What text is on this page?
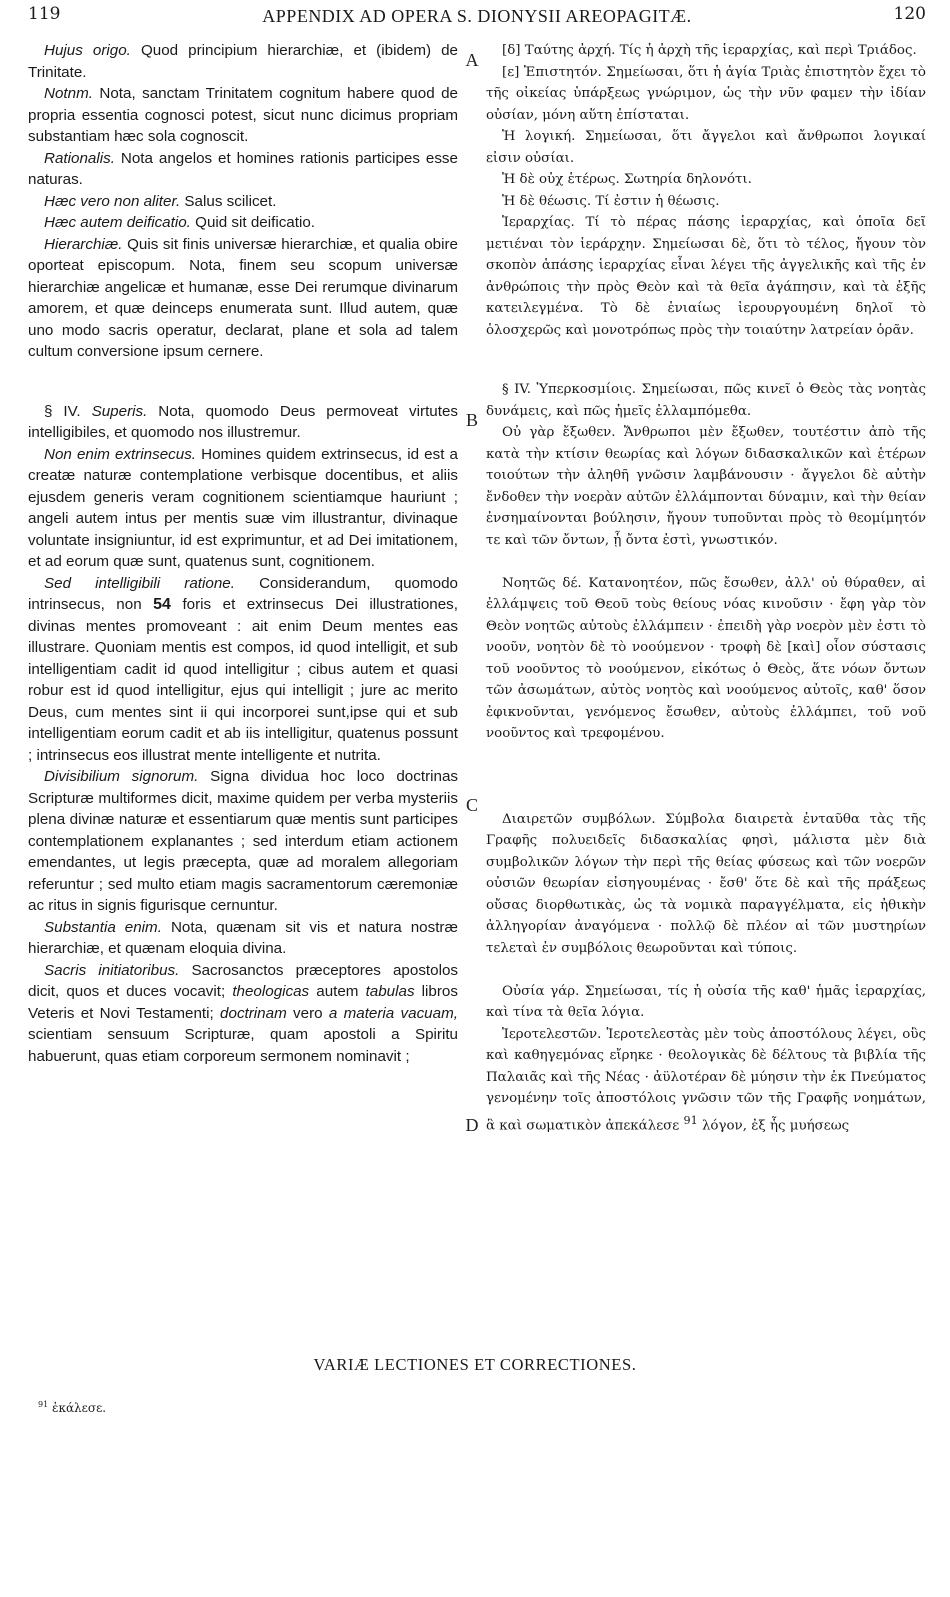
119	APPENDIX AD OPERA S. DIONYSII AREOPAGITÆ.	120
A
B
C
D

Hujus origo. Quod principium hierarchiæ, et (ibidem) de Trinitate.

Notnm. Nota, sanctam Trinitatem cognitum habere quod de propria essentia cognosci potest, sicut nunc dicimus propriam substantiam hæc sola cognoscit.

Rationalis. Nota angelos et homines rationis participes esse naturas.

Hæc vero non aliter. Salus scilicet.

Hæc autem deificatio. Quid sit deificatio.

Hierarchiæ. Quis sit finis universæ hierarchiæ, et qualia obire oporteat episcopum. Nota, finem seu scopum universæ hierarchiæ angelicæ et humanæ, esse Dei rerumque divinarum amorem, et quæ deinceps enumerata sunt. Illud autem, quæ uno modo sacris operatur, declarat, plane et sola ad talem cultum conversione ipsum cernere.

§ IV. Superis. Nota, quomodo Deus permoveat virtutes intelligibiles, et quomodo nos illustremur.

Non enim extrinsecus. Homines quidem extrinsecus, id est a creatæ naturæ contemplatione verbisque docentibus, et aliis ejusdem generis veram cognitionem scientiamque hauriunt ; angeli autem intus per mentis suæ vim illustrantur, divinaque voluntate insigniuntur, id est exprimuntur, et ad Dei imitationem, et ad eorum quæ sunt, quatenus sunt, cognitionem.

Sed intelligibili ratione. Considerandum, quomodo intrinsecus, non 54 foris et extrinsecus Dei illustrationes, divinas mentes promoveant : ait enim Deum mentes eas illustrare. Quoniam mentis est compos, id quod intelligit, et sub intelligentiam cadit id quod intelligitur ; cibus autem et quasi robur est id quod intelligitur, ejus qui intelligit ; jure ac merito Deus, cum mentes sint ii qui incorporei sunt,ipse qui et sub intelligentiam eorum cadit et ab iis intelligitur, quatenus possunt ; intrinsecus eos illustrat mente intelligente et nutrita.

Divisibilium signorum. Signa dividua hoc loco doctrinas Scripturæ multiformes dicit, maxime quidem per verba mysteriis plena divinæ naturæ et essentiarum quæ mentis sunt participes contemplationem explanantes ; sed interdum etiam actionem emendantes, ut legis præcepta, quæ ad moralem allegoriam referuntur ; sed multo etiam magis sacramentorum cæremoniæ ac ritus in signis figurisque cernuntur.

Substantia enim. Nota, quænam sit vis et natura nostræ hierarchiæ, et quænam eloquia divina.

Sacris initiatoribus. Sacrosanctos præceptores apostolos dicit, quos et duces vocavit; theologicas autem tabulas libros Veteris et Novi Testamenti; doctrinam vero a materia vacuam, scientiam sensuum Scripturæ, quam apostoli a Spiritu habuerunt, quas etiam corporeum sermonem nominavit ;

[δ] Ταύτης ἀρχή. Τίς ἡ ἀρχὴ τῆς ἱεραρχίας, καὶ περὶ Τριάδος.

[ε] Ἐπιστητόν. Σημείωσαι, ὅτι ἡ ἁγία Τριὰς ἐπιστητὸν ἔχει τὸ τῆς οἰκείας ὑπάρξεως γνώριμον, ὡς τὴν νῦν φαμεν τὴν ἰδίαν οὐσίαν, μόνη αὕτη ἐπίσταται.

Ἡ λογική. Σημείωσαι, ὅτι ἄγγελοι καὶ ἄνθρωποι λογικαί εἰσιν οὐσίαι.

Ἡ δὲ οὐχ ἑτέρως. Σωτηρία δηλονότι.

Ἡ δὲ θέωσις. Τί ἐστιν ἡ θέωσις.

Ἱεραρχίας. Τί τὸ πέρας πάσης ἱεραρχίας, καὶ ὁποῖα δεῖ μετιέναι τὸν ἱεράρχην. Σημείωσαι δὲ, ὅτι τὸ τέλος, ἤγουν τὸν σκοπὸν ἁπάσης ἱεραρχίας εἶναι λέγει τῆς ἀγγελικῆς καὶ τῆς ἐν ἀνθρώποις τὴν πρὸς Θεὸν καὶ τὰ θεῖα ἀγάπησιν, καὶ τὰ ἑξῆς κατειλεγμένα. Τὸ δὲ ἑνιαίως ἱερουργουμένη δηλοῖ τὸ ὁλοσχερῶς καὶ μονοτρόπως πρὸς τὴν τοιαύτην λατρείαν ὁρᾶν.

§ IV. Ὑπερκοσμίοις. Σημείωσαι, πῶς κινεῖ ὁ Θεὸς τὰς νοητὰς δυνάμεις, καὶ πῶς ἡμεῖς ἐλλαμπόμεθα.

Οὐ γὰρ ἔξωθεν. Ἄνθρωποι μὲν ἔξωθεν, τουτέστιν ἀπὸ τῆς κατὰ τὴν κτίσιν θεωρίας καὶ λόγων διδασκαλικῶν καὶ ἑτέρων τοιούτων τὴν ἀληθῆ γνῶσιν λαμβάνουσιν · ἄγγελοι δὲ αὐτὴν ἔνδοθεν τὴν νοερὰν αὐτῶν ἐλλάμπονται δύναμιν, καὶ τὴν θείαν ἐνσημαίνονται βούλησιν, ἤγουν τυποῦνται πρὸς τὸ θεομίμητόν τε καὶ τῶν ὄντων, ᾗ ὄντα ἐστὶ, γνωστικόν.

Νοητῶς δέ. Κατανοητέον, πῶς ἔσωθεν, ἀλλ' οὐ θύραθεν, αἱ ἐλλάμψεις τοῦ Θεοῦ τοὺς θείους νόας κινοῦσιν · ἔφη γὰρ τὸν Θεὸν νοητῶς αὐτοὺς ἐλλάμπειν · ἐπειδὴ γὰρ νοερὸν μὲν ἐστι τὸ νοοῦν, νοητὸν δὲ τὸ νοούμενον · τροφὴ δὲ [καὶ] οἷον σύστασις τοῦ νοοῦντος τὸ νοούμενον, εἰκότως ὁ Θεὸς, ἅτε νόων ὄντων τῶν ἀσωμάτων, αὐτὸς νοητὸς καὶ νοούμενος αὐτοῖς, καθ' ὅσον ἐφικνοῦνται, γενόμενος ἔσωθεν, αὐτοὺς ἐλλάμπει, τοῦ νοῦ νοοῦντος καὶ τρεφομένου.

Διαιρετῶν συμβόλων. Σύμβολα διαιρετὰ ἐνταῦθα τὰς τῆς Γραφῆς πολυειδεῖς διδασκαλίας φησὶ, μάλιστα μὲν διὰ συμβολικῶν λόγων τὴν περὶ τῆς θείας φύσεως καὶ τῶν νοερῶν οὐσιῶν θεωρίαν εἰσηγουμένας · ἔσθ' ὅτε δὲ καὶ τῆς πράξεως οὔσας διορθωτικὰς, ὡς τὰ νομικὰ παραγγέλματα, εἰς ἠθικὴν ἀλληγορίαν ἀναγόμενα · πολλῷ δὲ πλέον αἱ τῶν μυστηρίων τελεταὶ ἐν συμβόλοις θεωροῦνται καὶ τύποις.

Οὐσία γάρ. Σημείωσαι, τίς ἡ οὐσία τῆς καθ' ἡμᾶς ἱεραρχίας, καὶ τίνα τὰ θεῖα λόγια.

Ἱεροτελεστῶν. Ἱεροτελεστὰς μὲν τοὺς ἀποστόλους λέγει, οὓς καὶ καθηγεμόνας εἴρηκε · θεολογικὰς δὲ δέλτους τὰ βιβλία τῆς Παλαιᾶς καὶ τῆς Νέας · ἀϋλοτέραν δὲ μύησιν τὴν ἐκ Πνεύματος γενομένην τοῖς ἀποστόλοις γνῶσιν τῶν τῆς Γραφῆς νοημάτων, ἃ καὶ σωματικὸν ἀπεκάλεσε $^{91}$ λόγον, ἐξ ἧς μυήσεως

VARIÆ LECTIONES ET CORRECTIONES.
$^{91}$ ἐκάλεσε.
